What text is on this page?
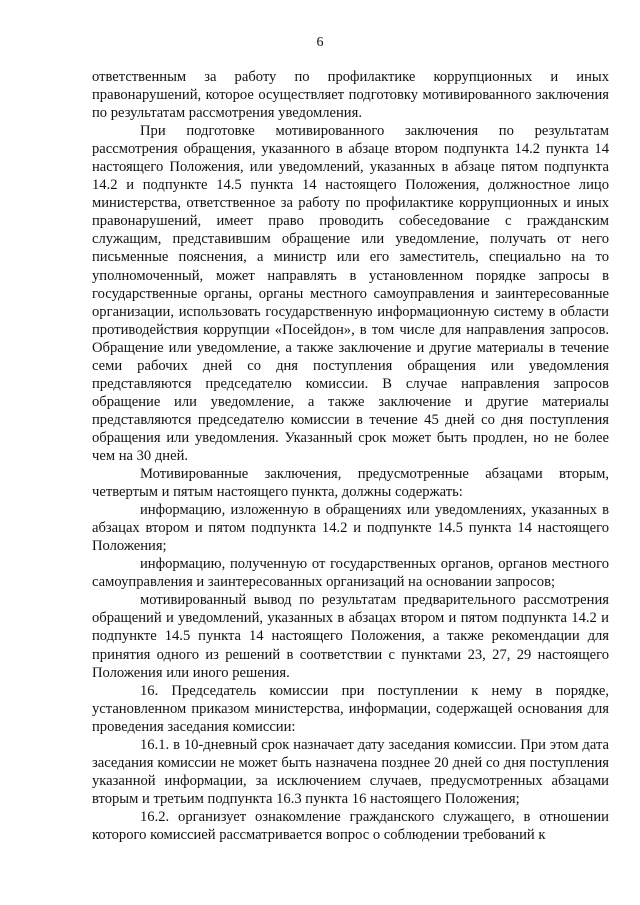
6

ответственным за работу по профилактике коррупционных и иных правонарушений, которое осуществляет подготовку мотивированного заключения по результатам рассмотрения уведомления.

При подготовке мотивированного заключения по результатам рассмотрения обращения, указанного в абзаце втором подпункта 14.2 пункта 14 настоящего Положения, или уведомлений, указанных в абзаце пятом подпункта 14.2 и подпункте 14.5 пункта 14 настоящего Положения, должностное лицо министерства, ответственное за работу по профилактике коррупционных и иных правонарушений, имеет право проводить собеседование с гражданским служащим, представившим обращение или уведомление, получать от него письменные пояснения, а министр или его заместитель, специально на то уполномоченный, может направлять в установленном порядке запросы в государственные органы, органы местного самоуправления и заинтересованные организации, использовать государственную информационную систему в области противодействия коррупции «Посейдон», в том числе для направления запросов. Обращение или уведомление, а также заключение и другие материалы в течение семи рабочих дней со дня поступления обращения или уведомления представляются председателю комиссии. В случае направления запросов обращение или уведомление, а также заключение и другие материалы представляются председателю комиссии в течение 45 дней со дня поступления обращения или уведомления. Указанный срок может быть продлен, но не более чем на 30 дней.

Мотивированные заключения, предусмотренные абзацами вторым, четвертым и пятым настоящего пункта, должны содержать:

информацию, изложенную в обращениях или уведомлениях, указанных в абзацах втором и пятом подпункта 14.2 и подпункте 14.5 пункта 14 настоящего Положения;

информацию, полученную от государственных органов, органов местного самоуправления и заинтересованных организаций на основании запросов;

мотивированный вывод по результатам предварительного рассмотрения обращений и уведомлений, указанных в абзацах втором и пятом подпункта 14.2 и подпункте 14.5 пункта 14 настоящего Положения, а также рекомендации для принятия одного из решений в соответствии с пунктами 23, 27, 29 настоящего Положения или иного решения.

16. Председатель комиссии при поступлении к нему в порядке, установленном приказом министерства, информации, содержащей основания для проведения заседания комиссии:

16.1. в 10-дневный срок назначает дату заседания комиссии. При этом дата заседания комиссии не может быть назначена позднее 20 дней со дня поступления указанной информации, за исключением случаев, предусмотренных абзацами вторым и третьим подпункта 16.3 пункта 16 настоящего Положения;

16.2. организует ознакомление гражданского служащего, в отношении которого комиссией рассматривается вопрос о соблюдении требований к
